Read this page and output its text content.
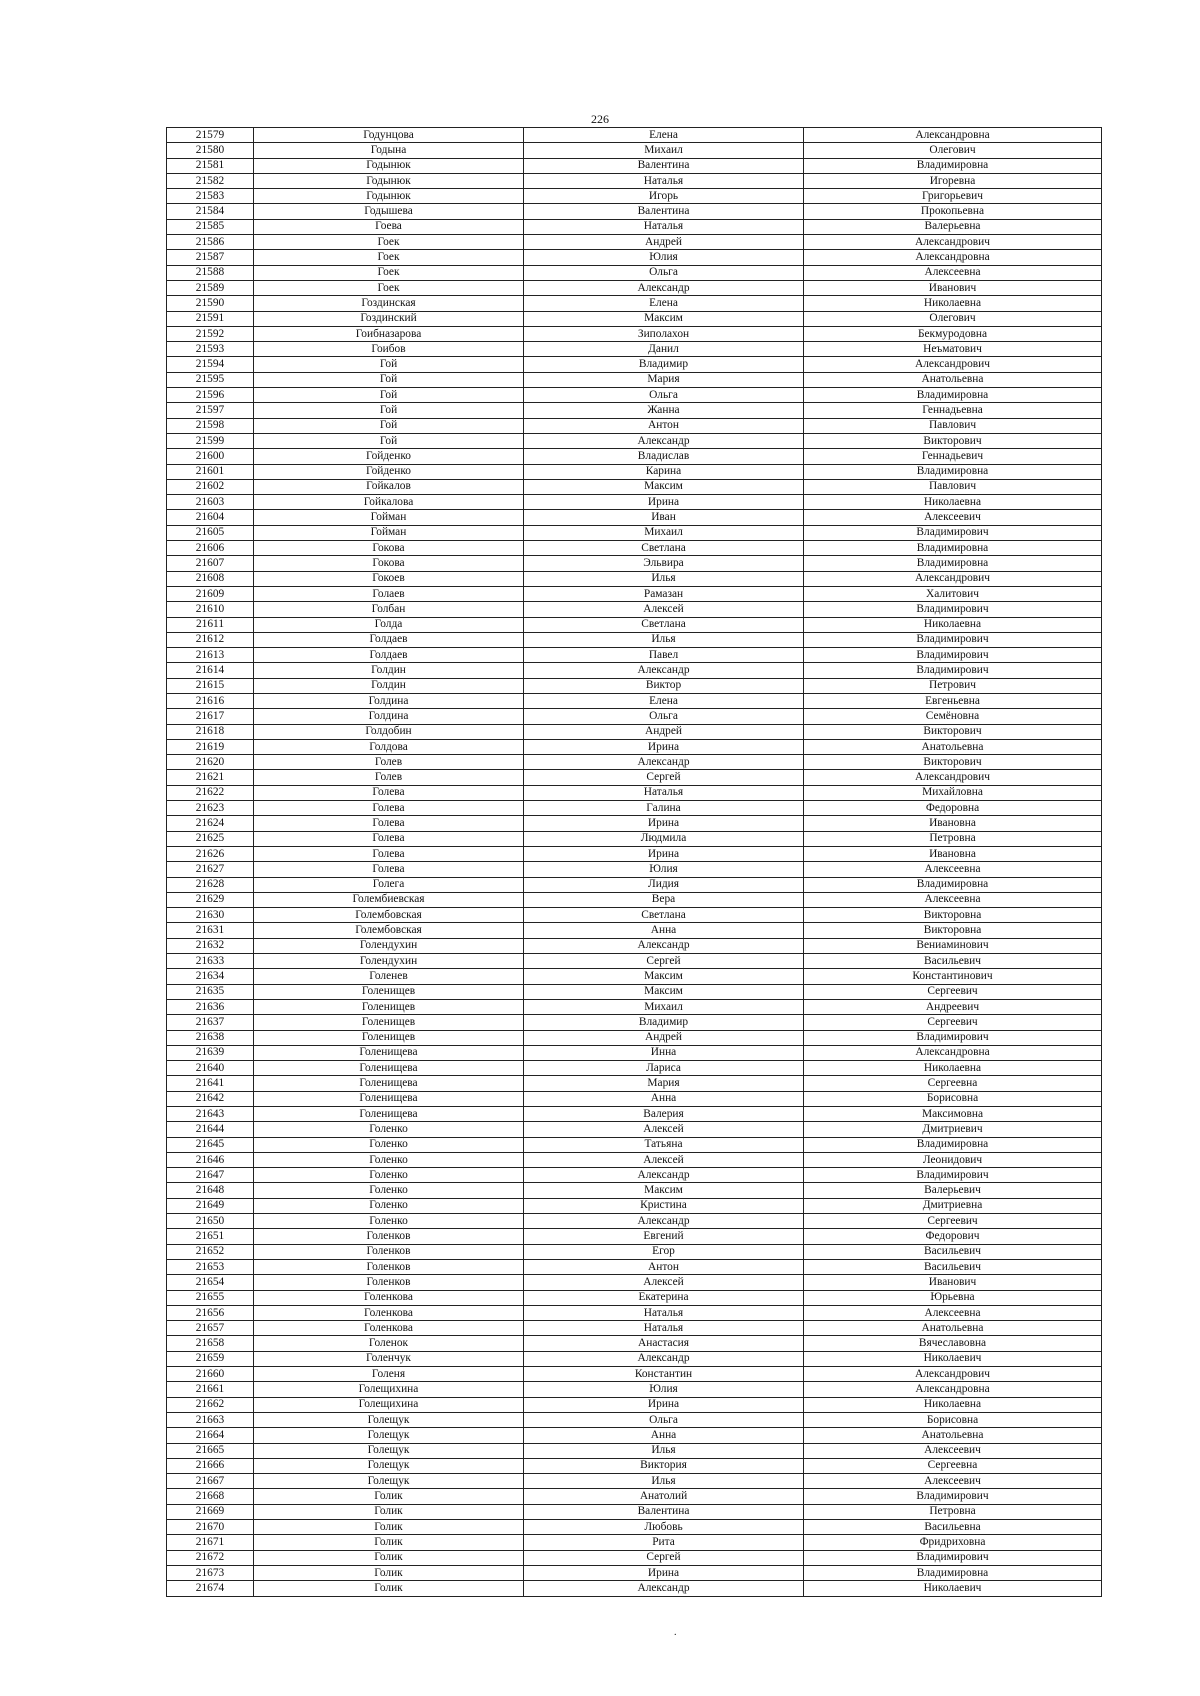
226
21579	Годунцова	Елена	Александровна
21580	Годына	Михаил	Олегович
21581	Годынюк	Валентина	Владимировна
21582	Годынюк	Наталья	Игоревна
21583	Годынюк	Игорь	Григорьевич
21584	Годышева	Валентина	Прокопьевна
21585	Гоева	Наталья	Валерьевна
21586	Гоек	Андрей	Александрович
21587	Гоек	Юлия	Александровна
21588	Гоек	Ольга	Алексеевна
21589	Гоек	Александр	Иванович
21590	Гоздинская	Елена	Николаевна
21591	Гоздинский	Максим	Олегович
21592	Гоибназарова	Зиполахон	Бекмуродовна
21593	Гоибов	Данил	Неъматович
21594	Гой	Владимир	Александрович
21595	Гой	Мария	Анатольевна
21596	Гой	Ольга	Владимировна
21597	Гой	Жанна	Геннадьевна
21598	Гой	Антон	Павлович
21599	Гой	Александр	Викторович
21600	Гойденко	Владислав	Геннадьевич
21601	Гойденко	Карина	Владимировна
21602	Гойкалов	Максим	Павлович
21603	Гойкалова	Ирина	Николаевна
21604	Гойман	Иван	Алексеевич
21605	Гойман	Михаил	Владимирович
21606	Гокова	Светлана	Владимировна
21607	Гокова	Эльвира	Владимировна
21608	Гокоев	Илья	Александрович
21609	Голаев	Рамазан	Халитович
21610	Голбан	Алексей	Владимирович
21611	Голда	Светлана	Николаевна
21612	Голдаев	Илья	Владимирович
21613	Голдаев	Павел	Владимирович
21614	Голдин	Александр	Владимирович
21615	Голдин	Виктор	Петрович
21616	Голдина	Елена	Евгеньевна
21617	Голдина	Ольга	Семёновна
21618	Голдобин	Андрей	Викторович
21619	Голдова	Ирина	Анатольевна
21620	Голев	Александр	Викторович
21621	Голев	Сергей	Александрович
21622	Голева	Наталья	Михайловна
21623	Голева	Галина	Федоровна
21624	Голева	Ирина	Ивановна
21625	Голева	Людмила	Петровна
21626	Голева	Ирина	Ивановна
21627	Голева	Юлия	Алексеевна
21628	Голега	Лидия	Владимировна
21629	Голембиевская	Вера	Алексеевна
21630	Голембовская	Светлана	Викторовна
21631	Голембовская	Анна	Викторовна
21632	Голендухин	Александр	Вениаминович
21633	Голендухин	Сергей	Васильевич
21634	Голенев	Максим	Константинович
21635	Голенищев	Максим	Сергеевич
21636	Голенищев	Михаил	Андреевич
21637	Голенищев	Владимир	Сергеевич
21638	Голенищев	Андрей	Владимирович
21639	Голенищева	Инна	Александровна
21640	Голенищева	Лариса	Николаевна
21641	Голенищева	Мария	Сергеевна
21642	Голенищева	Анна	Борисовна
21643	Голенищева	Валерия	Максимовна
21644	Голенко	Алексей	Дмитриевич
21645	Голенко	Татьяна	Владимировна
21646	Голенко	Алексей	Леонидович
21647	Голенко	Александр	Владимирович
21648	Голенко	Максим	Валерьевич
21649	Голенко	Кристина	Дмитриевна
21650	Голенко	Александр	Сергеевич
21651	Голенков	Евгений	Федорович
21652	Голенков	Егор	Васильевич
21653	Голенков	Антон	Васильевич
21654	Голенков	Алексей	Иванович
21655	Голенкова	Екатерина	Юрьевна
21656	Голенкова	Наталья	Алексеевна
21657	Голенкова	Наталья	Анатольевна
21658	Голенок	Анастасия	Вячеславовна
21659	Голенчук	Александр	Николаевич
21660	Голеня	Константин	Александрович
21661	Голещихина	Юлия	Александровна
21662	Голещихина	Ирина	Николаевна
21663	Голещук	Ольга	Борисовна
21664	Голещук	Анна	Анатольевна
21665	Голещук	Илья	Алексеевич
21666	Голещук	Виктория	Сергеевна
21667	Голещук	Илья	Алексеевич
21668	Голик	Анатолий	Владимирович
21669	Голик	Валентина	Петровна
21670	Голик	Любовь	Васильевна
21671	Голик	Рита	Фридриховна
21672	Голик	Сергей	Владимирович
21673	Голик	Ирина	Владимировна
21674	Голик	Александр	Николаевич
.
